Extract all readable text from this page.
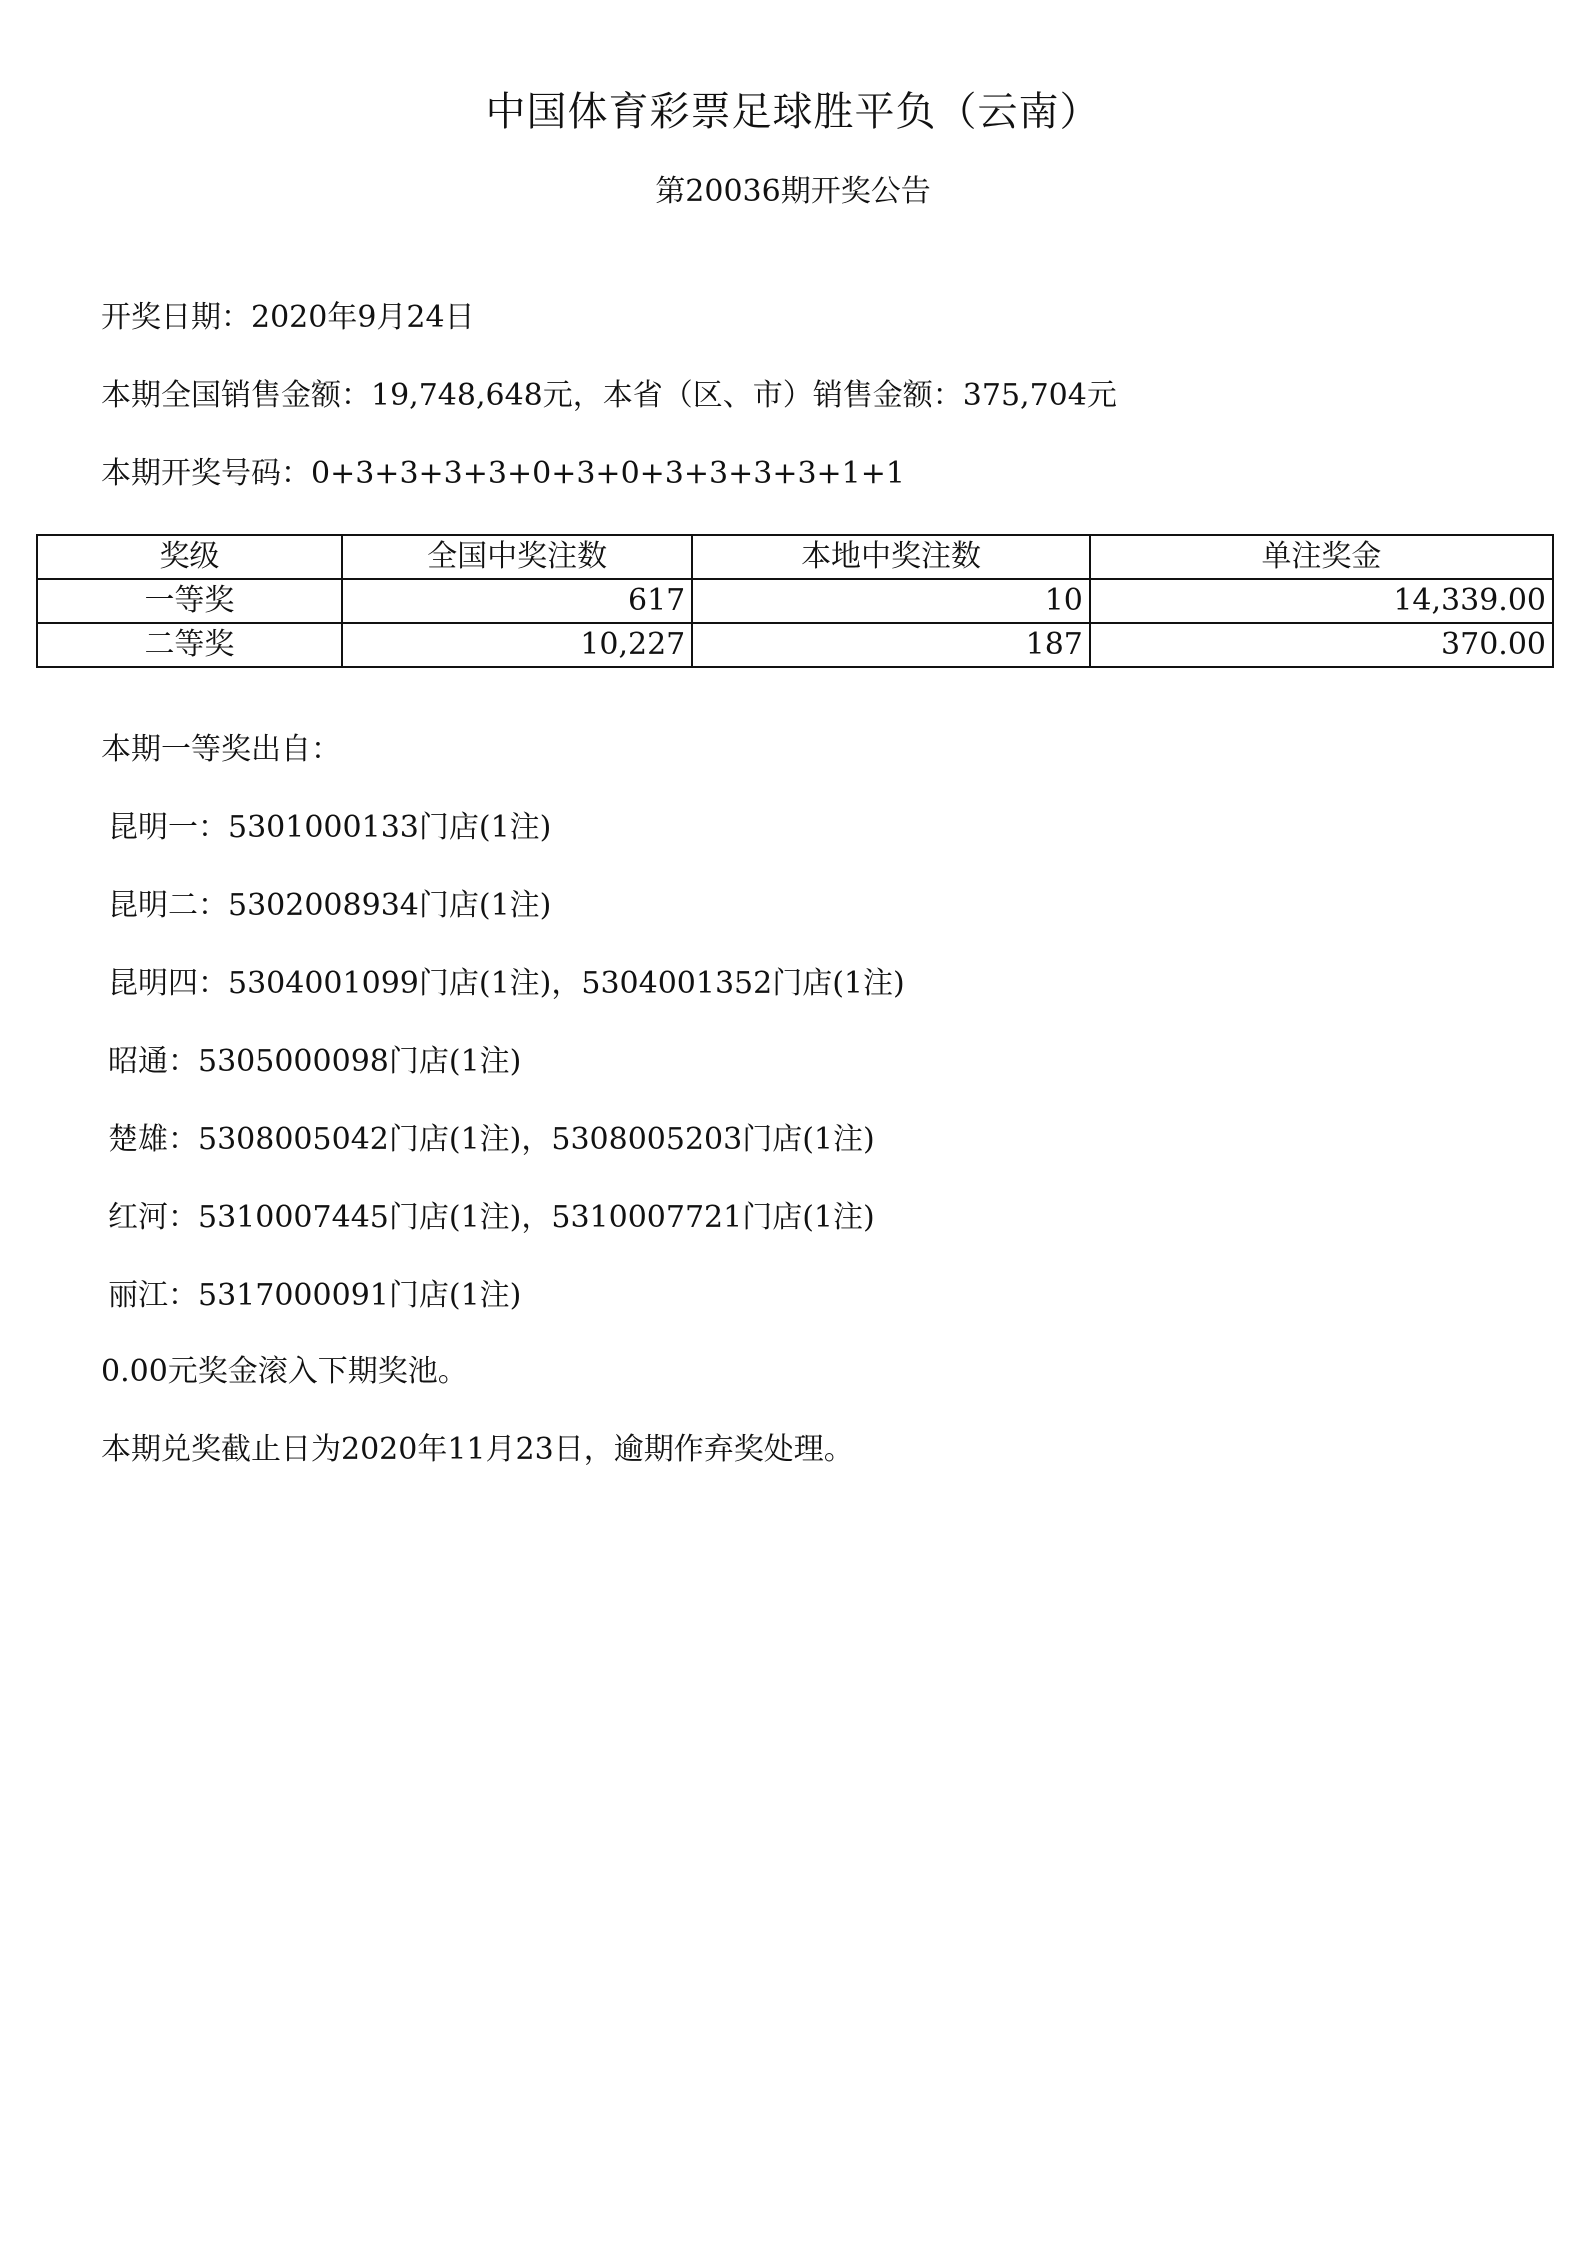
中国体育彩票足球胜平负（云南）
第20036期开奖公告
开奖日期：2020年9月24日
本期全国销售金额：19,748,648元，本省（区、市）销售金额：375,704元
本期开奖号码：0+3+3+3+3+0+3+0+3+3+3+3+1+1
奖级	全国中奖注数	本地中奖注数	单注奖金
一等奖	617	10	14,339.00
二等奖	10,227	187	370.00
本期一等奖出自：
昆明一：5301000133门店(1注)
昆明二：5302008934门店(1注)
昆明四：5304001099门店(1注)，5304001352门店(1注)
昭通：5305000098门店(1注)
楚雄：5308005042门店(1注)，5308005203门店(1注)
红河：5310007445门店(1注)，5310007721门店(1注)
丽江：5317000091门店(1注)
0.00元奖金滚入下期奖池。
本期兑奖截止日为2020年11月23日，逾期作弃奖处理。
